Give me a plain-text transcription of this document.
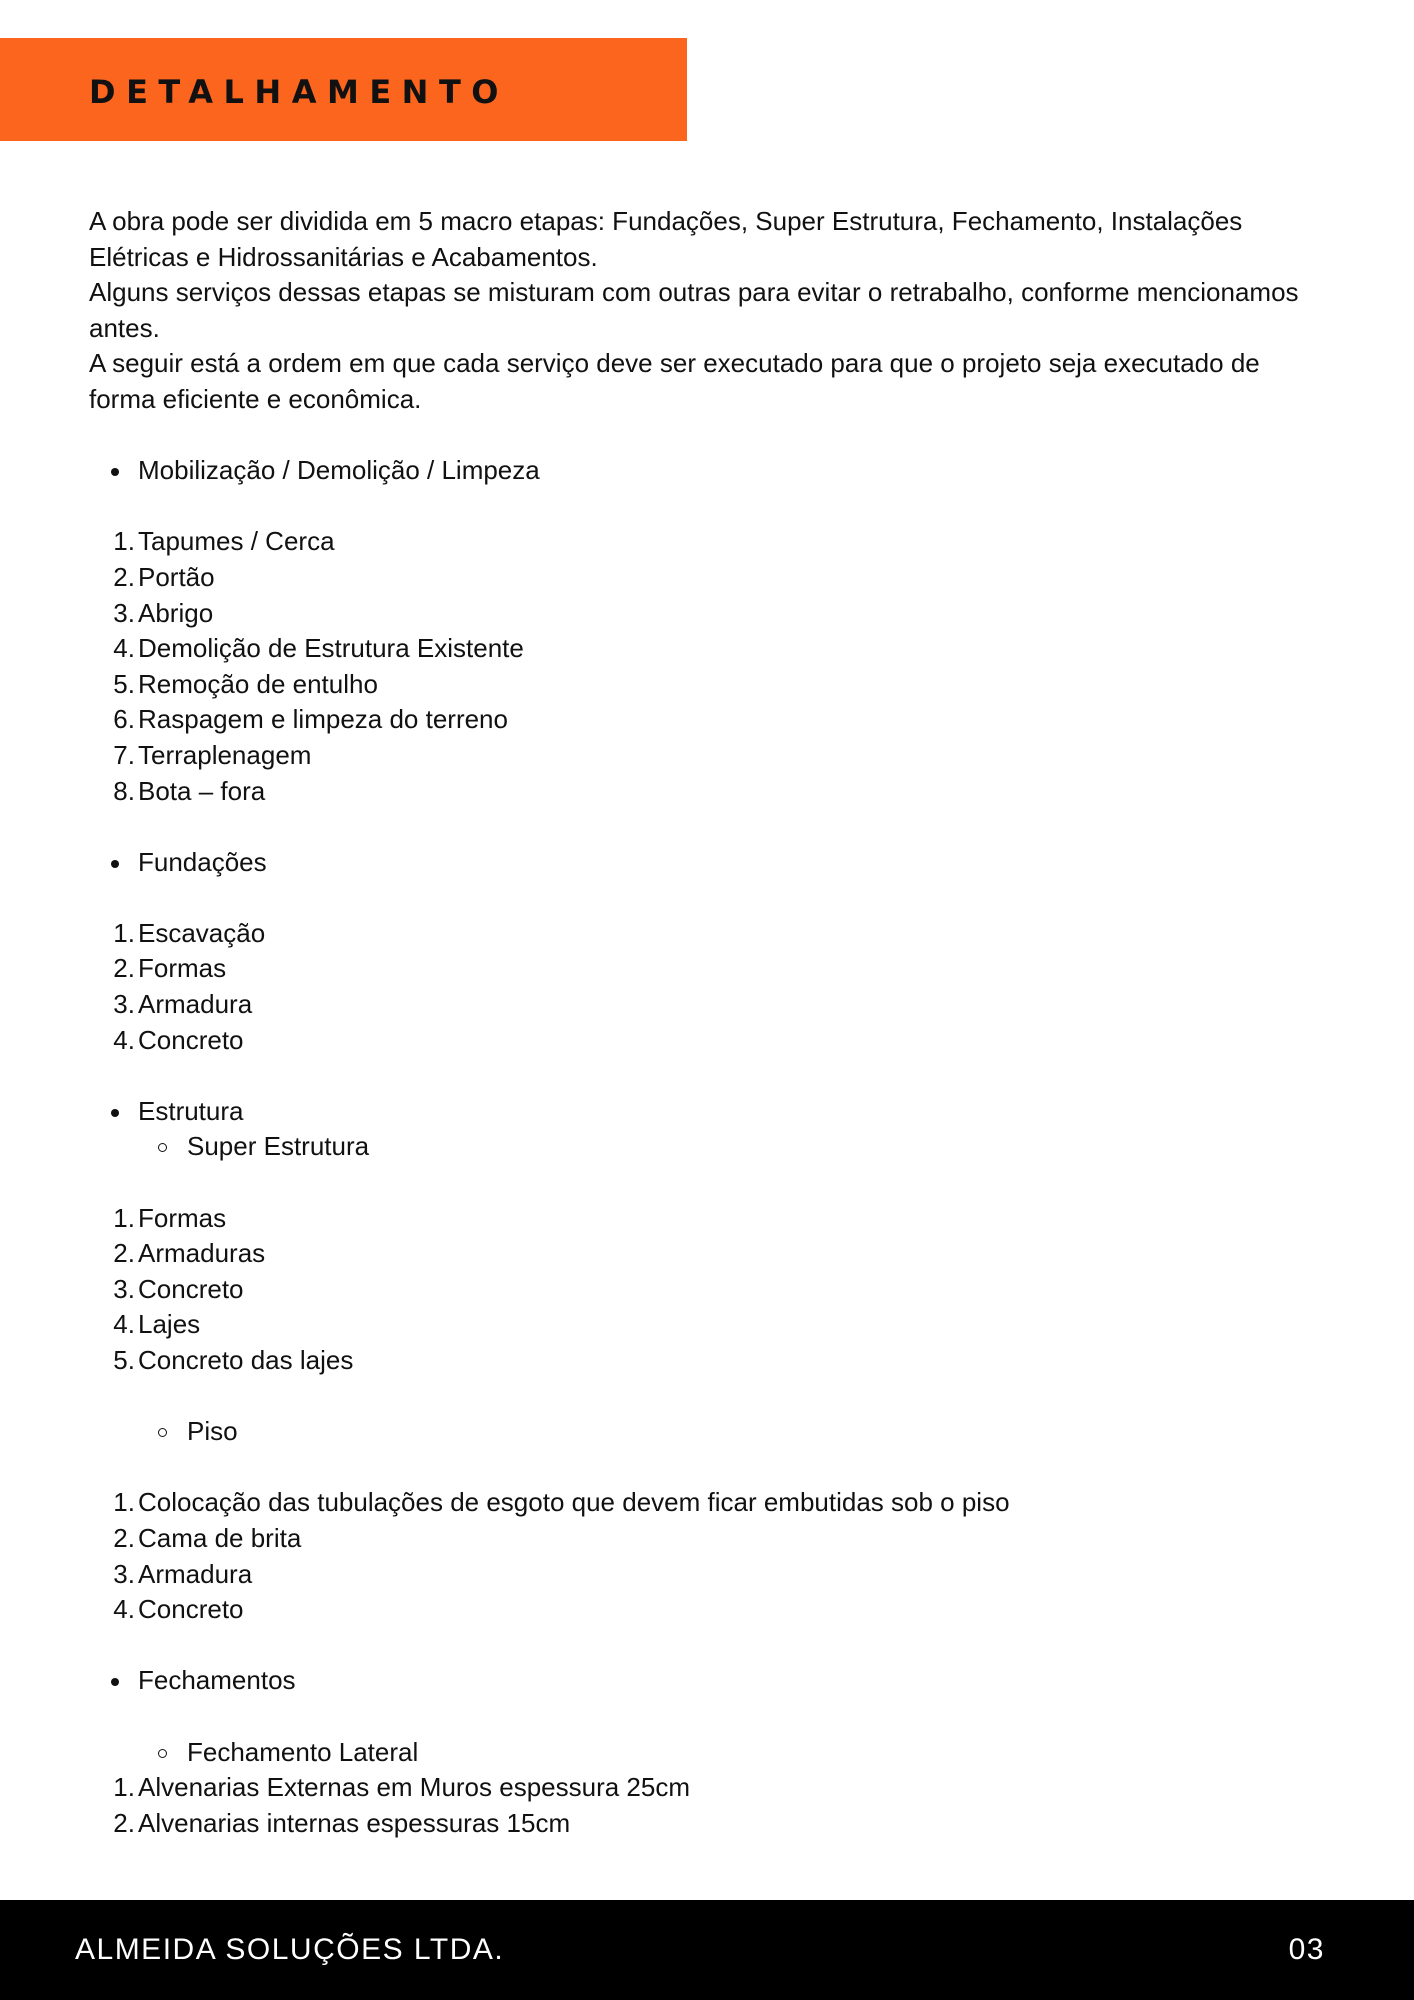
DETALHAMENTO

A obra pode ser dividida em 5 macro etapas: Fundações, Super Estrutura, Fechamento, Instalações Elétricas e Hidrossanitárias e Acabamentos.

Alguns serviços dessas etapas se misturam com outras para evitar o retrabalho, conforme mencionamos antes.

A seguir está a ordem em que cada serviço deve ser executado para que o projeto seja executado de forma eficiente e econômica.

Mobilização / Demolição / Limpeza
1 . Tapumes / Cerca
2 . Portão
3 . Abrigo
4 . Demolição de Estrutura Existente
5 . Remoção de entulho
6 . Raspagem e limpeza do terreno
7 . Terraplenagem
8 . Bota – fora
Fundações
1 . Escavação
2 . Formas
3 . Armadura
4 . Concreto
Estrutura
Super Estrutura
1 . Formas
2 . Armaduras
3 . Concreto
4 . Lajes
5 . Concreto das lajes
Piso
1 . Colocação das tubulações de esgoto que devem ficar embutidas sob o piso
2 . Cama de brita
3 . Armadura
4 . Concreto
Fechamentos
Fechamento Lateral
1 . Alvenarias Externas em Muros espessura 25cm
2 . Alvenarias internas espessuras 15cm
ALMEIDA SOLUÇÕES LTDA.	03
